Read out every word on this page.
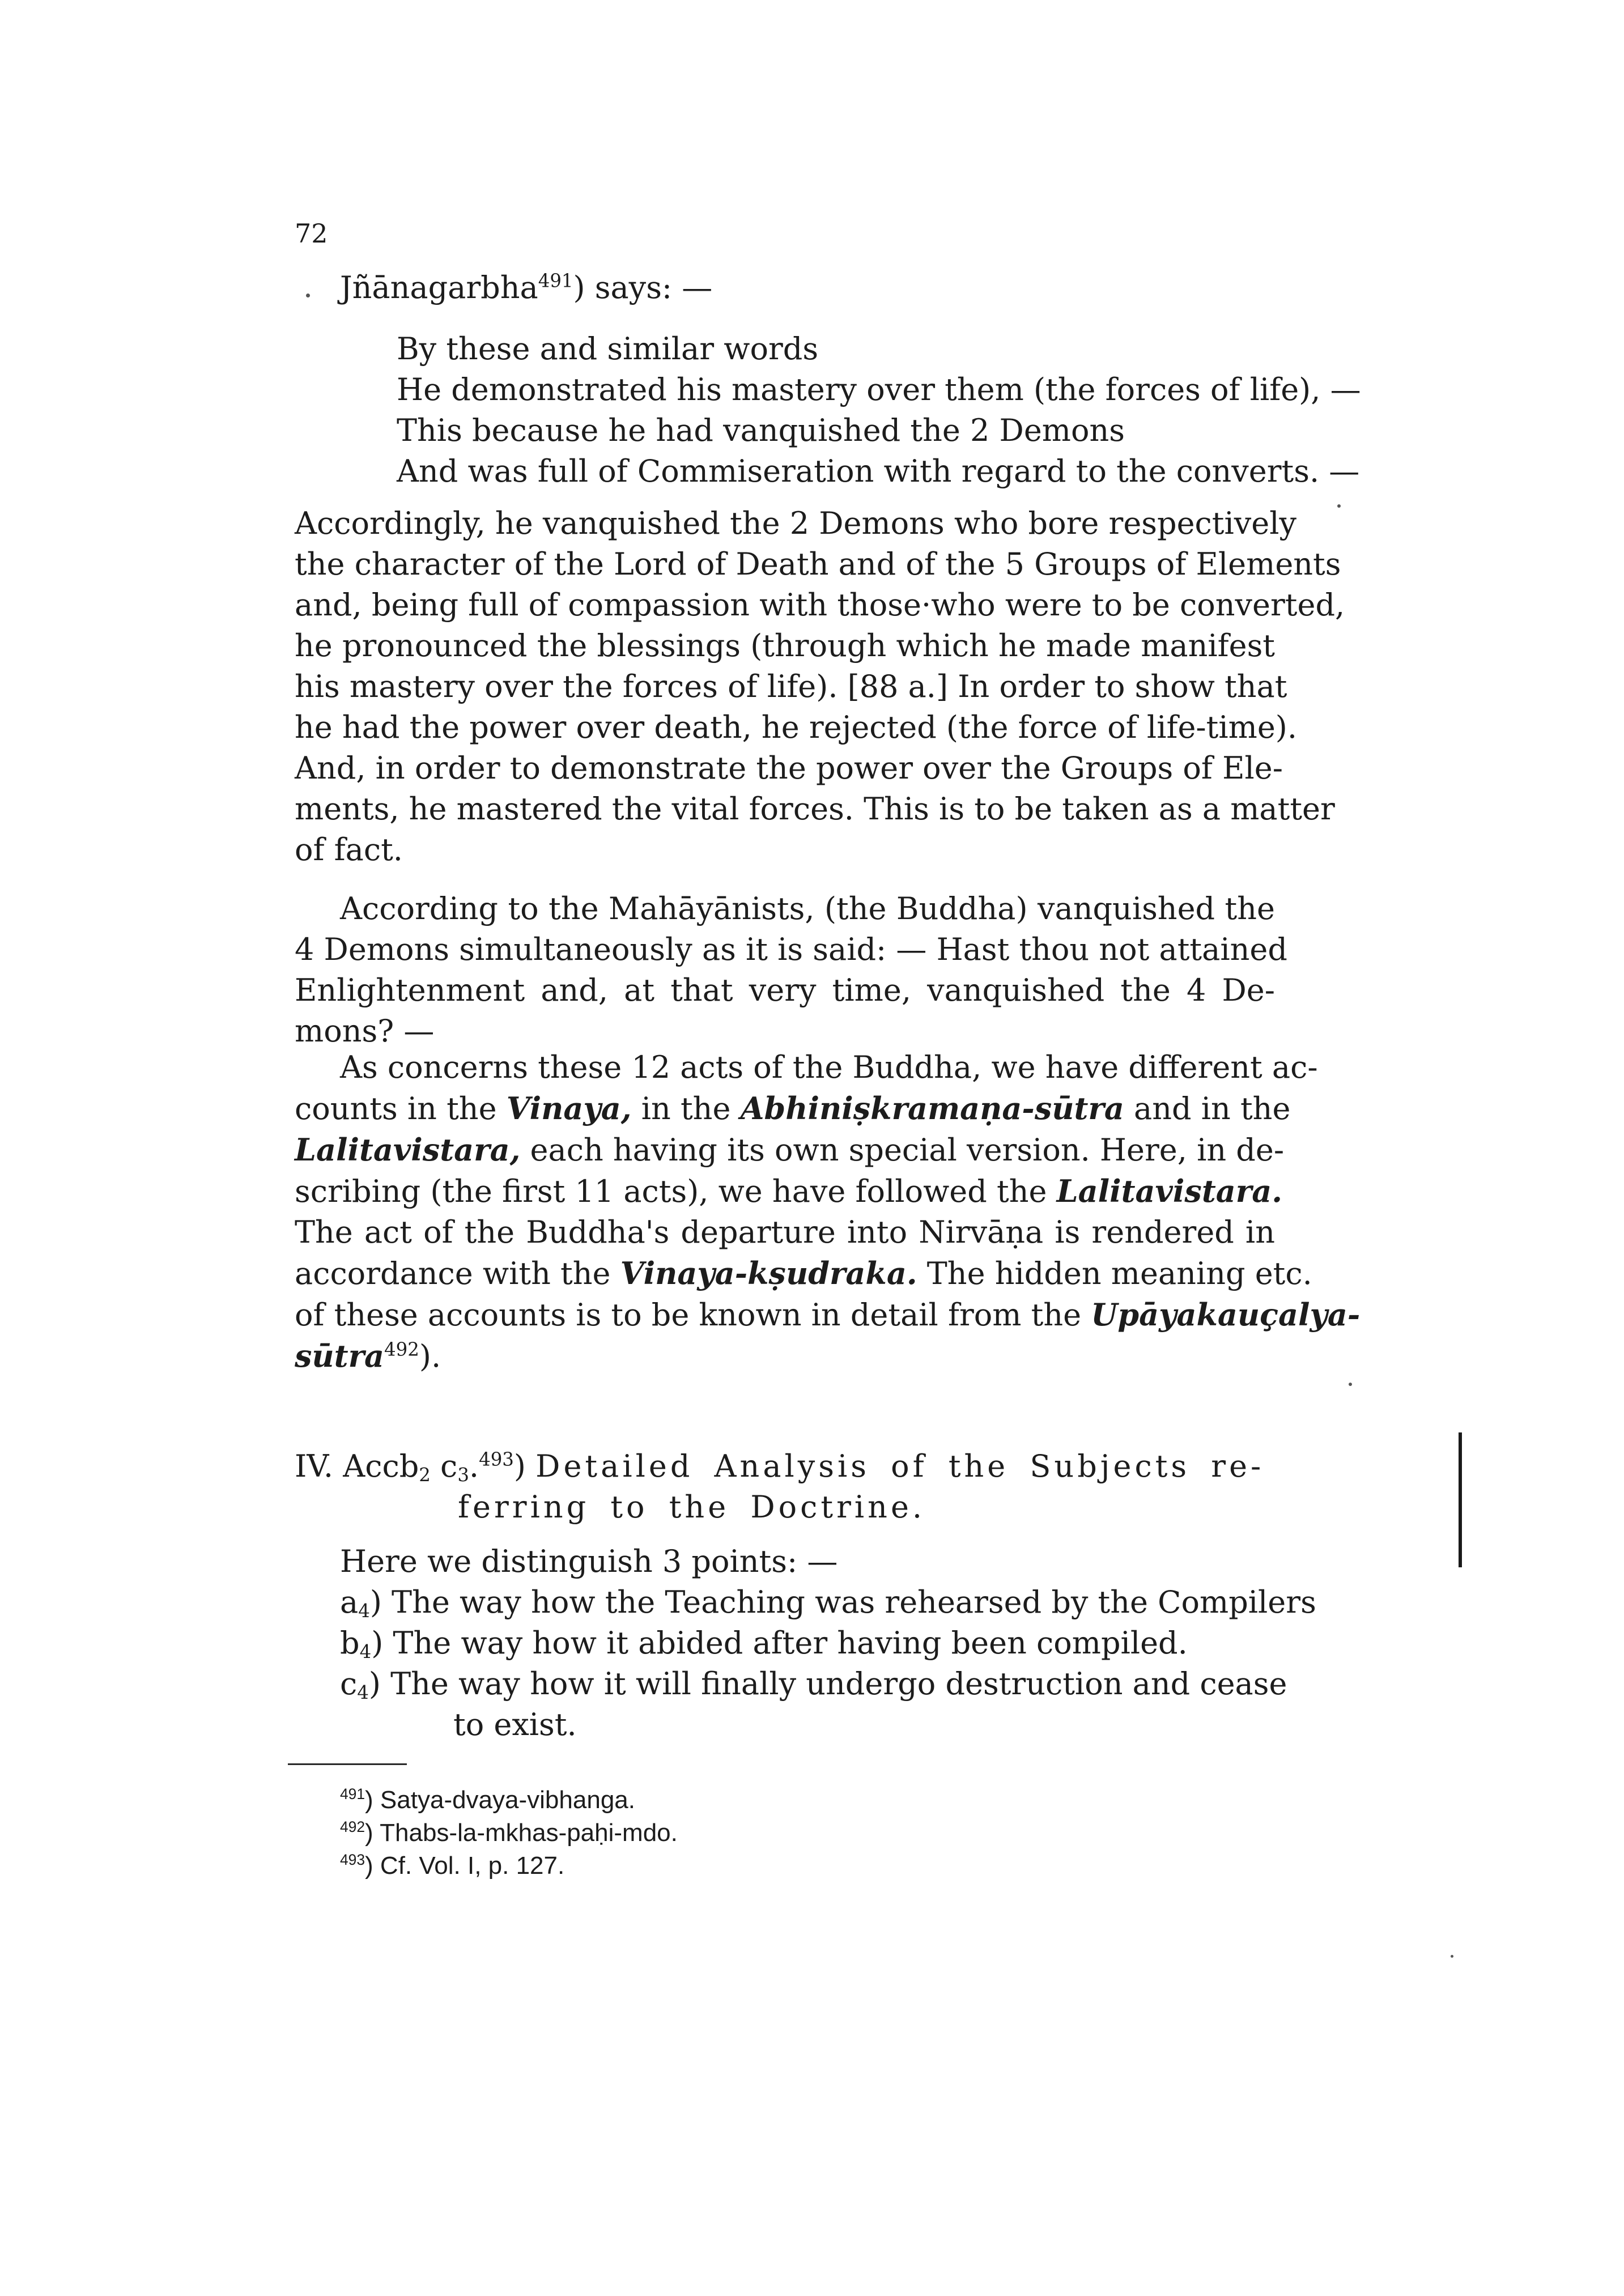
72
Jñānagarbha$^{491}$) says: —
By these and similar words
He demonstrated his mastery over them (the forces of life), —
This because he had vanquished the 2 Demons
And was full of Commiseration with regard to the converts. —

Accordingly, he vanquished the 2 Demons who bore respectively
the character of the Lord of Death and of the 5 Groups of Elements
and, being full of compassion with those·who were to be converted,
he pronounced the blessings (through which he made manifest
his mastery over the forces of life). [88 a.] In order to show that
he had the power over death, he rejected (the force of life-time).
And, in order to demonstrate the power over the Groups of Ele-
ments, he mastered the vital forces. This is to be taken as a matter
of fact.

According to the Mahāyānists, (the Buddha) vanquished the
4 Demons simultaneously as it is said: — Hast thou not attained
Enlightenment and, at that very time, vanquished the 4 De-
mons? —

As concerns these 12 acts of the Buddha, we have different ac-
counts in the Vinaya, in the Abhiniṣkramaṇa-sūtra and in the
Lalitavistara, each having its own special version. Here, in de-
scribing (the first 11 acts), we have followed the Lalitavistara.
The act of the Buddha's departure into Nirvāṇa is rendered in
accordance with the Vinaya-kṣudraka. The hidden meaning etc.
of these accounts is to be known in detail from the Upāyakauçalya-
sūtra$^{492}$).

IV. Accb$_2$ $c_3.^{493}$) Detailed Analysis of the Subjects re-
ferring to the Doctrine.
Here we distinguish 3 points: —
$a_4$) The way how the Teaching was rehearsed by the Compilers
$b_4$) The way how it abided after having been compiled.
$c_4$) The way how it will finally undergo destruction and cease
to exist.
$^{491}$) Satya-dvaya-vibhanga.
$^{492}$) Thabs-la-mkhas-paḥi-mdo.
$^{493}$) Cf. Vol. I, p. 127.
